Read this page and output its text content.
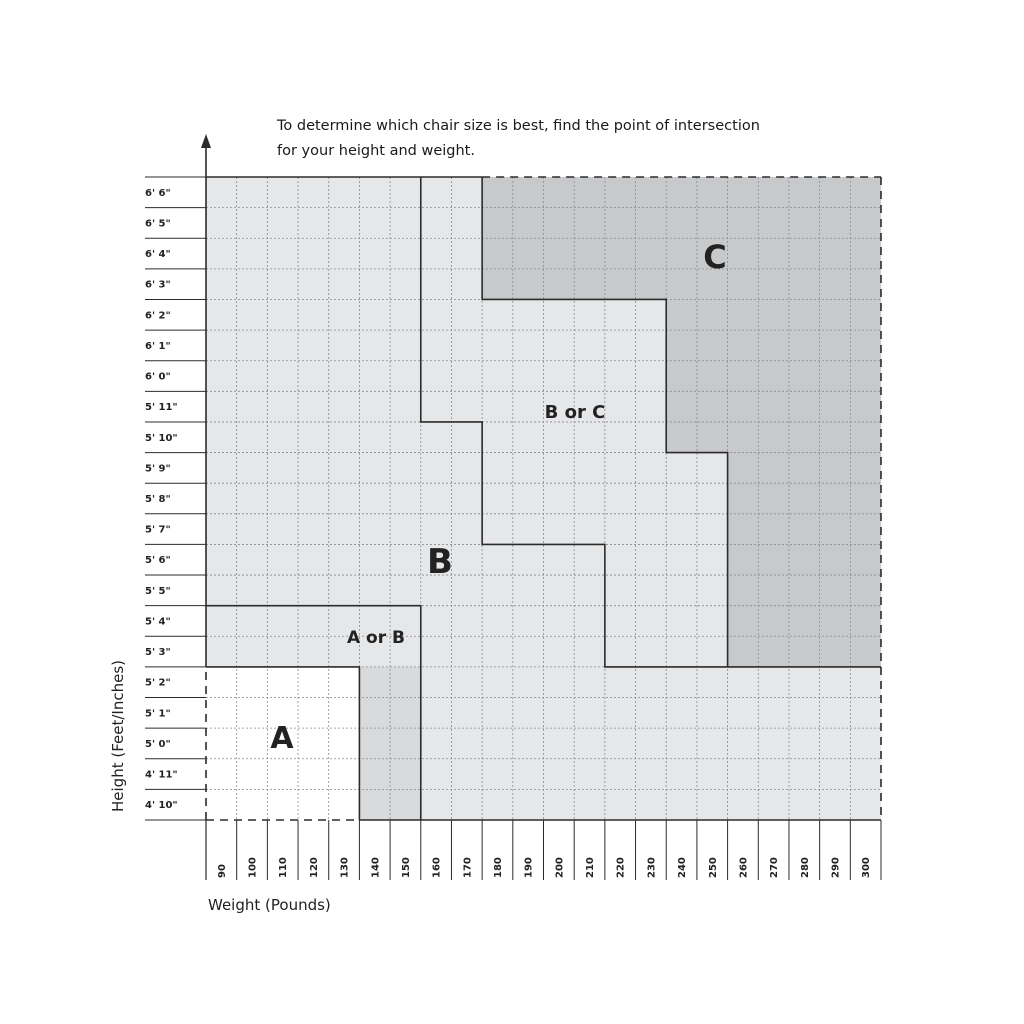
To determine which chair size is best, find the point of intersection
for your height and weight.
4' 10"
4' 11"
5' 0"
5' 1"
5' 2"
5' 3"
5' 4"
5' 5"
5' 6"
5' 7"
5' 8"
5' 9"
5' 10"
5' 11"
6' 0"
6' 1"
6' 2"
6' 3"
6' 4"
6' 5"
6' 6"
90 100 110 120 130 140 150 160 170 180 190 200 210 220 230 240 250 260 270 280 290 300
A
A or B
B
B or C
C
Weight (Pounds)
Height (Feet/Inches)
